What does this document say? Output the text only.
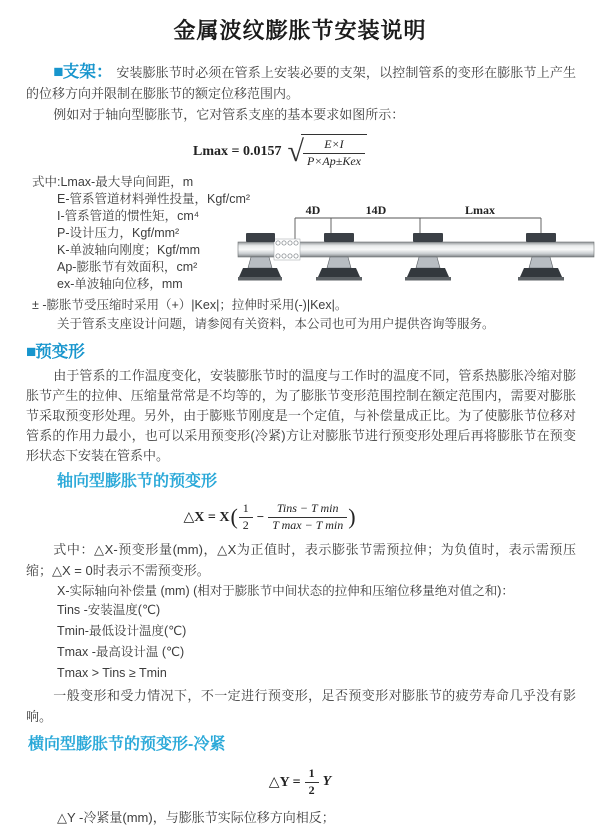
金属波纹膨胀节安装说明

■支架： 安装膨胀节时必须在管系上安装必要的支架，以控制管系的变形在膨胀节上产生的位移方向并限制在膨胀节的额定位移范围内。

例如对于轴向型膨胀节，它对管系支座的基本要求如图所示：

Lmax = 0.0157 √ $\frac{E\times I}{\text{P×Ap±Kex}}$
式中:Lmax-最大导向间距，m
E-管系管道材料弹性投量，Kgf/cm²
I-管系管道的惯性矩，cm⁴
P-设计压力，Kgf/mm²
K-单波轴向刚度；Kgf/mm
Ap-膨胀节有效面积，cm²
ex-单波轴向位移，mm
± -膨胀节受压缩时采用（+）|Kex|；拉伸时采用(-)|Kex|。
关于管系支座设计问题，请参阅有关资料，本公司也可为用户提供咨询等服务。
4D	14D	Lmax
■预变形

由于管系的工作温度变化，安装膨胀节时的温度与工作时的温度不同，管系热膨胀冷缩对膨胀节产生的拉伸、压缩量常常是不均等的，为了膨胀节变形范围控制在额定范围内，需要对膨胀节采取预变形处理。另外，由于膨账节刚度是一个定值，与补偿量成正比。为了使膨胀节位移对管系的作用力最小，也可以采用预变形(冷紧)方让对膨胀节进行预变形处理后再将膨胀节在预变形状态下安装在管系中。

轴向型膨胀节的预变形
△X = X ( $\frac{1}{2} - \frac{\text{Tins − T min}}{\text{T max − T min}}$ )

式中：△X-预变形量(mm)，△X为正值时，表示膨张节需预拉伸；为负值时，表示需预压缩；△X = 0时表示不需预变形。

X-实际轴向补偿量 (mm) (相对于膨胀节中间状态的拉伸和压缩位移量绝对值之和)：
Tins -安装温度(℃)
Tmin-最低设计温度(℃)
Tmax -最高设计温 (℃)
Tmax > Tins ≥ Tmin
一般变形和受力情况下，不一定进行预变形，足否预变形对膨胀节的疲劳寿命几乎没有影响。
横向型膨胀节的预变形-冷紧
△Y = $\frac{1}{2}$ Y
△Y -冷紧量(mm)，与膨胀节实际位移方向相反；
